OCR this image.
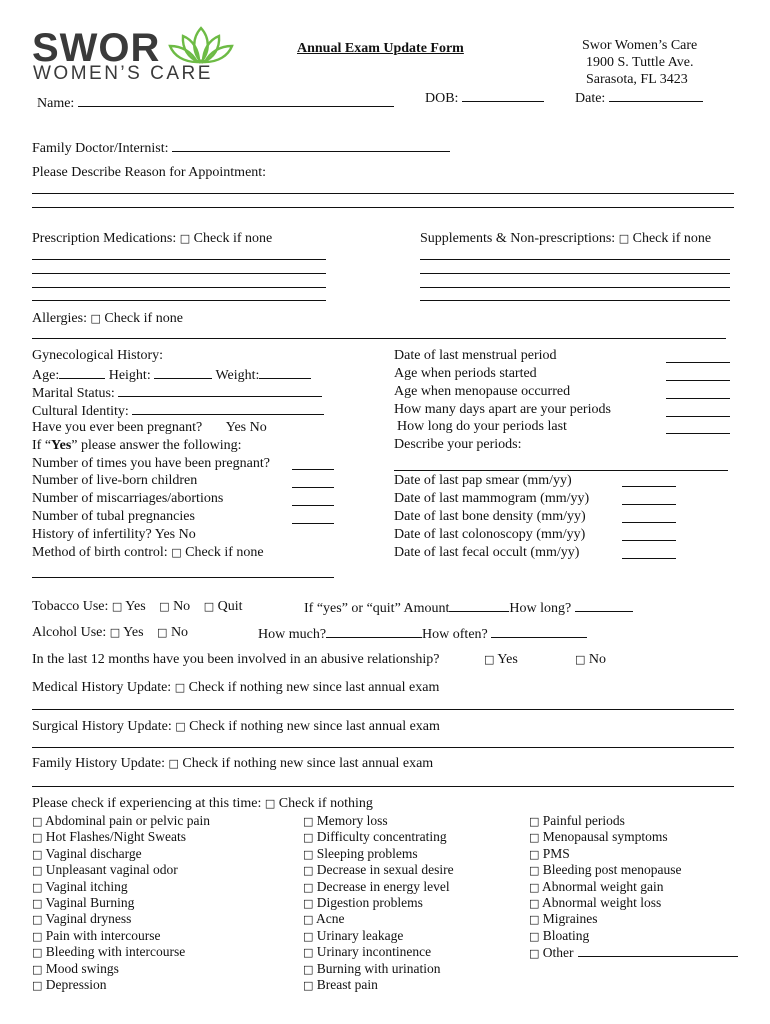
SWOR
WOMEN’S CARE
Annual Exam Update Form	Swor Women’s Care
1900 S. Tuttle Ave.
Sarasota, FL 3423
Name:	DOB:	Date:
Family Doctor/Internist:
Please Describe Reason for Appointment:
Prescription Medications: □ Check if none	Supplements & Non-prescriptions: □ Check if none
Allergies: □ Check if none
Gynecological History:
Age:	Height:	Weight:
Marital Status:
Cultural Identity:
Have you ever been pregnant? Yes No
If “Yes” please answer the following:
Number of times you have been pregnant?
Number of live-born children
Number of miscarriages/abortions
Number of tubal pregnancies
History of infertility? Yes No
Method of birth control: □ Check if none
Date of last menstrual period
Age when periods started
Age when menopause occurred
How many days apart are your periods
How long do your periods last
Describe your periods:
Date of last pap smear (mm/yy)
Date of last mammogram (mm/yy)
Date of last bone density (mm/yy)
Date of last colonoscopy (mm/yy)
Date of last fecal occult (mm/yy)
Tobacco Use: □ Yes □ No □ Quit	If “yes” or “quit” Amount	How long?
Alcohol Use: □ Yes □ No	How much?	How often?
In the last 12 months have you been involved in an abusive relationship?	□ Yes	□ No
Medical History Update: □ Check if nothing new since last annual exam
Surgical History Update: □ Check if nothing new since last annual exam
Family History Update: □ Check if nothing new since last annual exam
Please check if experiencing at this time: □ Check if nothing
□ Abdominal pain or pelvic pain
□ Hot Flashes/Night Sweats
□ Vaginal discharge
□ Unpleasant vaginal odor
□ Vaginal itching
□ Vaginal Burning
□ Vaginal dryness
□ Pain with intercourse
□ Bleeding with intercourse
□ Mood swings
□ Depression
□ Memory loss
□ Difficulty concentrating
□ Sleeping problems
□ Decrease in sexual desire
□ Decrease in energy level
□ Digestion problems
□ Acne
□ Urinary leakage
□ Urinary incontinence
□ Burning with urination
□ Breast pain
□ Painful periods
□ Menopausal symptoms
□ PMS
□ Bleeding post menopause
□ Abnormal weight gain
□ Abnormal weight loss
□ Migraines
□ Bloating
□ Other
